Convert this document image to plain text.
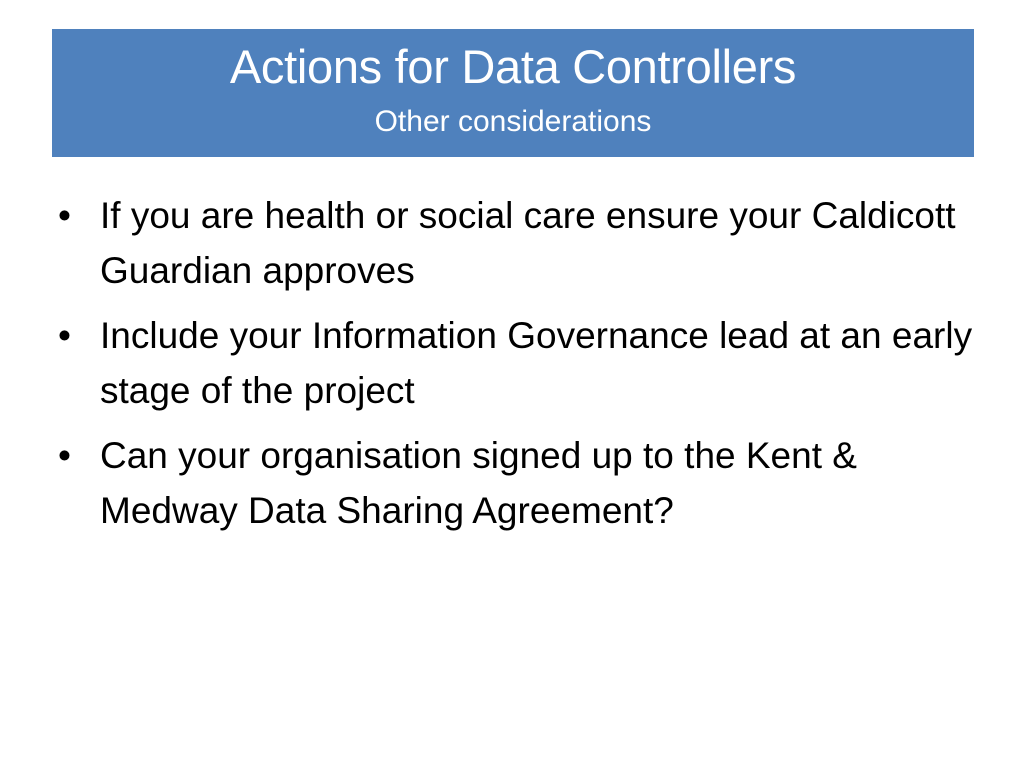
Actions for Data Controllers
Other considerations
• If you are health or social care ensure your Caldicott Guardian approves
• Include your Information Governance lead at an early stage of the project
• Can your organisation signed up to the Kent & Medway Data Sharing Agreement?
